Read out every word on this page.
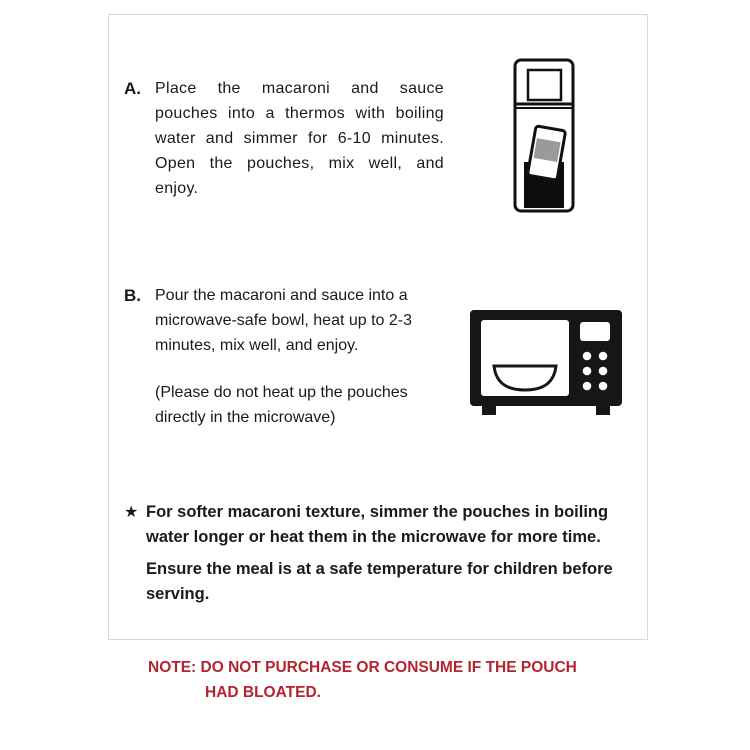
A. Place the macaroni and sauce pouches into a thermos with boiling water and simmer for 6-10 minutes. Open the pouches, mix well, and enjoy.
B. Pour the macaroni and sauce into a microwave-safe bowl, heat up to 2-3 minutes, mix well, and enjoy.
(Please do not heat up the pouches directly in the microwave)
★ For softer macaroni texture, simmer the pouches in boiling water longer or heat them in the microwave for more time.
Ensure the meal is at a safe temperature for children before serving.
NOTE: DO NOT PURCHASE OR CONSUME IF THE POUCH
HAD BLOATED.
